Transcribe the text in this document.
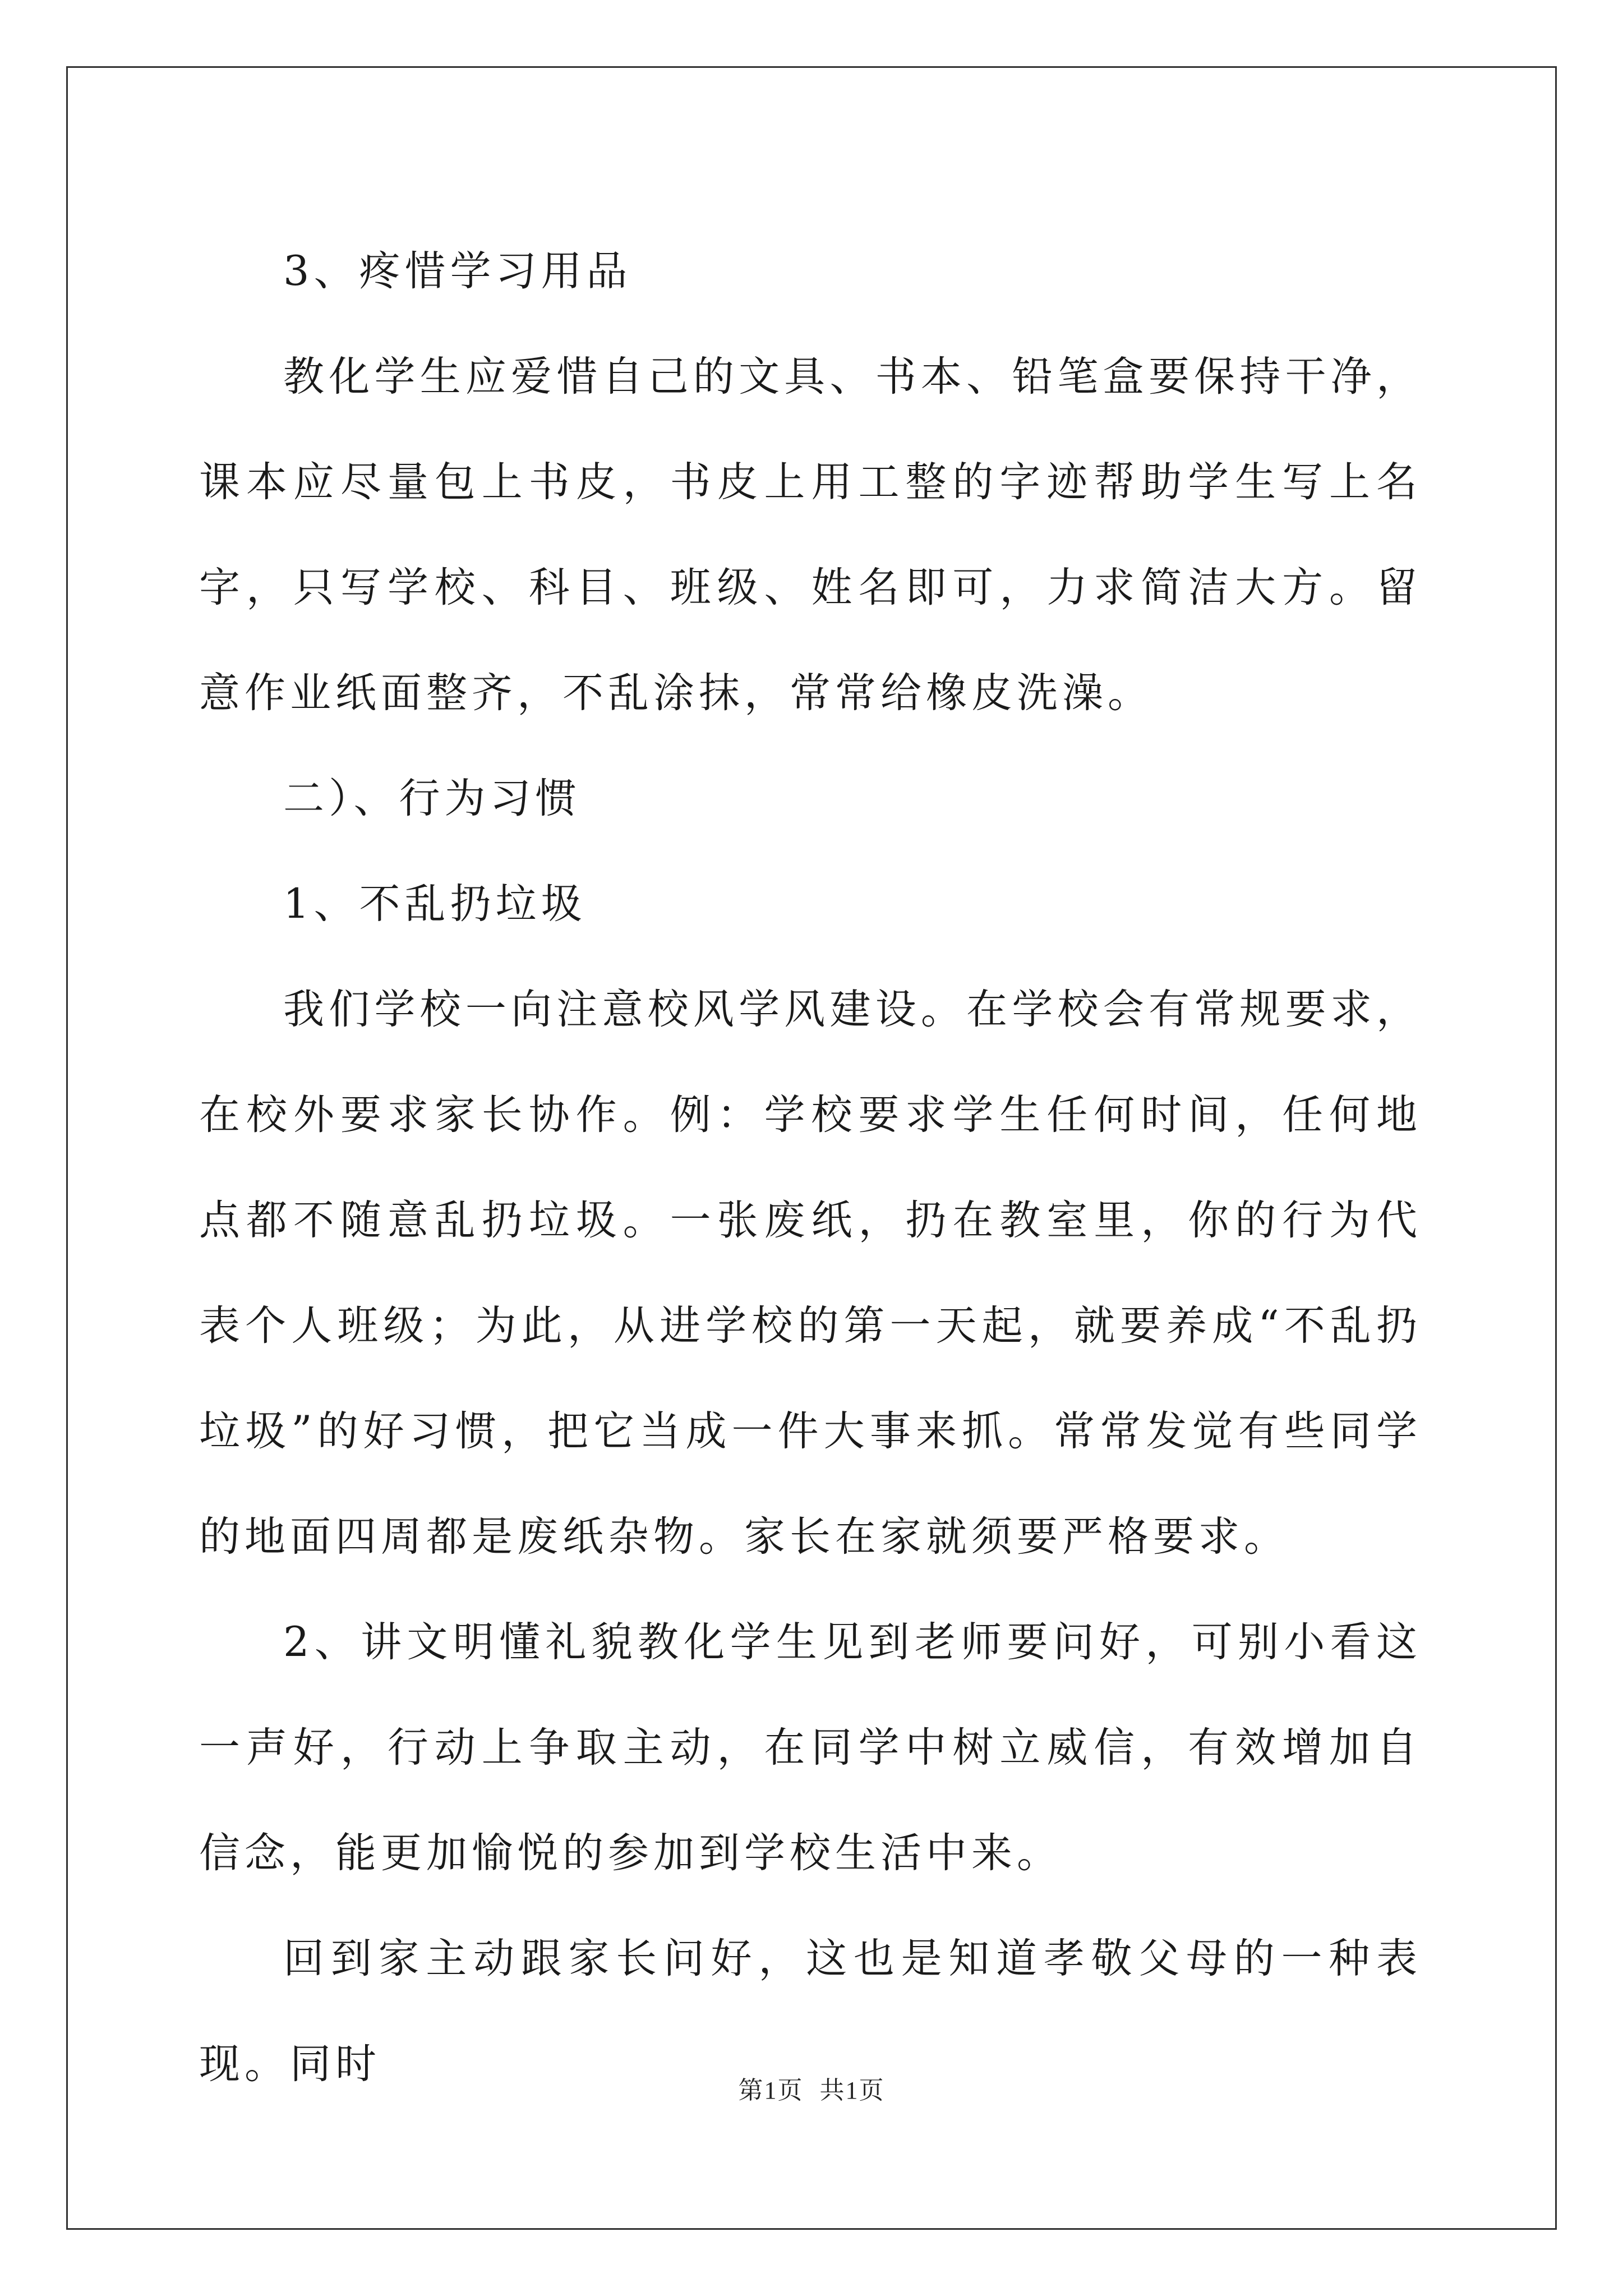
3、疼惜学习用品

教化学生应爱惜自己的文具、书本、铅笔盒要保持干净，课本应尽量包上书皮，书皮上用工整的字迹帮助学生写上名字，只写学校、科目、班级、姓名即可，力求简洁大方。留意作业纸面整齐，不乱涂抹，常常给橡皮洗澡。

二）、行为习惯

1、不乱扔垃圾

我们学校一向注意校风学风建设。在学校会有常规要求，在校外要求家长协作。例：学校要求学生任何时间，任何地点都不随意乱扔垃圾。一张废纸，扔在教室里，你的行为代表个人班级；为此，从进学校的第一天起，就要养成“不乱扔垃圾”的好习惯，把它当成一件大事来抓。常常发觉有些同学的地面四周都是废纸杂物。家长在家就须要严格要求。

2、讲文明懂礼貌教化学生见到老师要问好，可别小看这一声好，行动上争取主动，在同学中树立威信，有效增加自信念，能更加愉悦的参加到学校生活中来。

回到家主动跟家长问好，这也是知道孝敬父母的一种表现。同时

第1页 共1页
